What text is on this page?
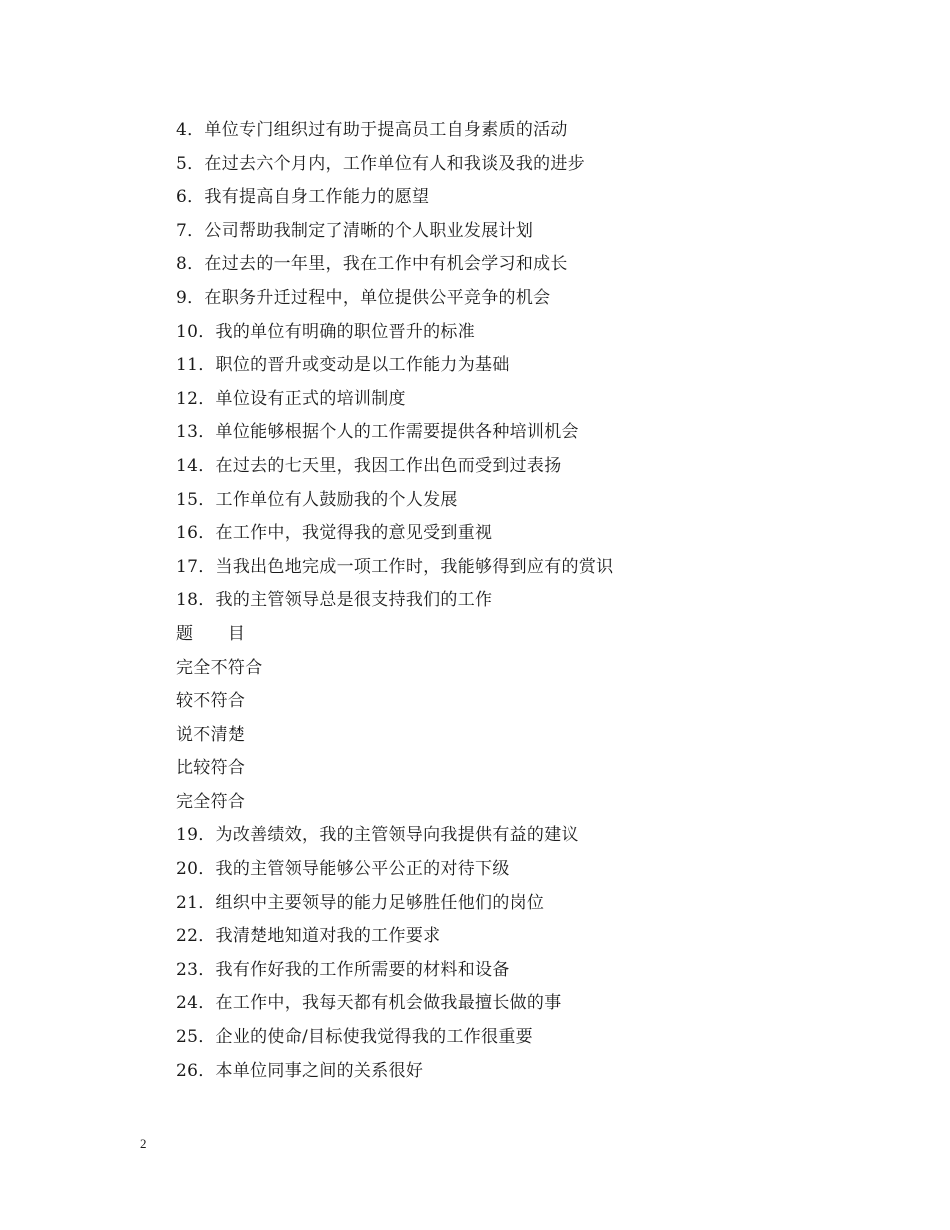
4．单位专门组织过有助于提高员工自身素质的活动
5．在过去六个月内，工作单位有人和我谈及我的进步
6．我有提高自身工作能力的愿望
7．公司帮助我制定了清晰的个人职业发展计划
8．在过去的一年里，我在工作中有机会学习和成长
9．在职务升迁过程中，单位提供公平竞争的机会
10．我的单位有明确的职位晋升的标准
11．职位的晋升或变动是以工作能力为基础
12．单位设有正式的培训制度
13．单位能够根据个人的工作需要提供各种培训机会
14．在过去的七天里，我因工作出色而受到过表扬
15．工作单位有人鼓励我的个人发展
16．在工作中，我觉得我的意见受到重视
17．当我出色地完成一项工作时，我能够得到应有的赏识
18．我的主管领导总是很支持我们的工作
题　　目
完全不符合
较不符合
说不清楚
比较符合
完全符合
19．为改善绩效，我的主管领导向我提供有益的建议
20．我的主管领导能够公平公正的对待下级
21．组织中主要领导的能力足够胜任他们的岗位
22．我清楚地知道对我的工作要求
23．我有作好我的工作所需要的材料和设备
24．在工作中，我每天都有机会做我最擅长做的事
25．企业的使命/目标使我觉得我的工作很重要
26．本单位同事之间的关系很好
2
